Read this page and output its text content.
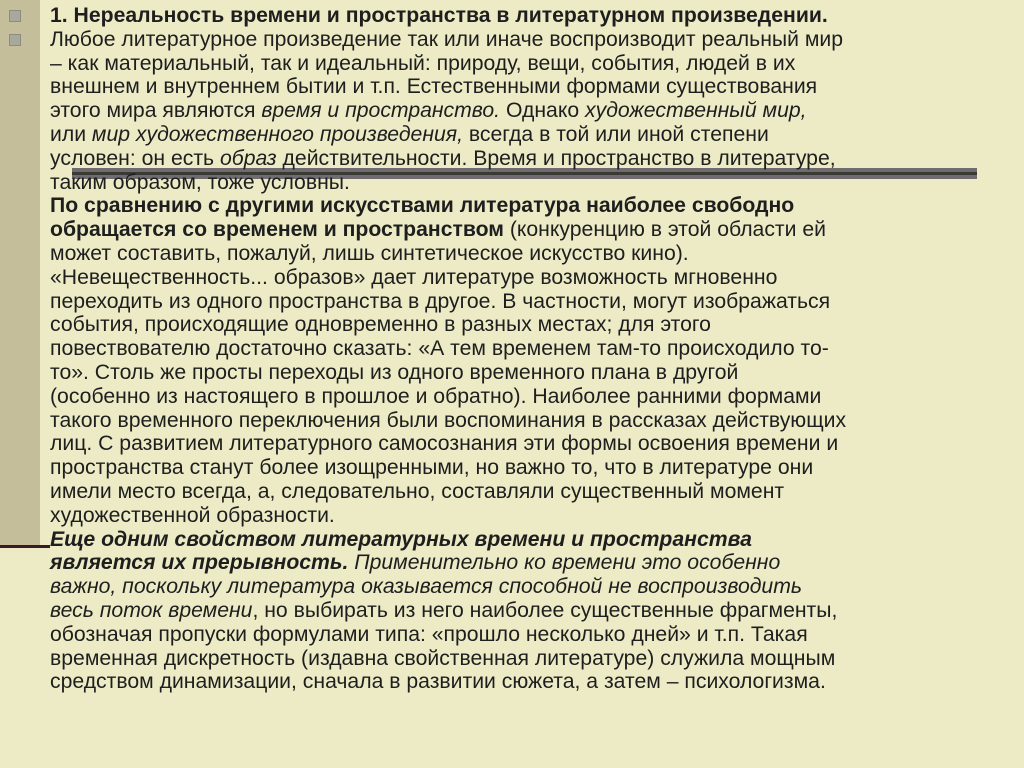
1. Нереальность времени и пространства в литературном произведении.
Любое литературное произведение так или иначе воспроизводит реальный мир
– как материальный, так и идеальный: природу, вещи, события, людей в их
внешнем и внутреннем бытии и т.п. Естественными формами существования
этого мира являются время и пространство. Однако художественный мир,
или мир художественного произведения, всегда в той или иной степени
условен: он есть образ действительности. Время и пространство в литературе,
таким образом, тоже условны.
По сравнению с другими искусствами литература наиболее свободно
обращается со временем и пространством (конкуренцию в этой области ей
может составить, пожалуй, лишь синтетическое искусство кино).
«Невещественность... образов» дает литературе возможность мгновенно
переходить из одного пространства в другое. В частности, могут изображаться
события, происходящие одновременно в разных местах; для этого
повествователю достаточно сказать: «А тем временем там-то происходило то-
то». Столь же просты переходы из одного временного плана в другой
(особенно из настоящего в прошлое и обратно). Наиболее ранними формами
такого временного переключения были воспоминания в рассказах действующих
лиц. С развитием литературного самосознания эти формы освоения времени и
пространства станут более изощренными, но важно то, что в литературе они
имели место всегда, а, следовательно, составляли существенный момент
художественной образности.
Еще одним свойством литературных времени и пространства
является их прерывность. Применительно ко времени это особенно
важно, поскольку литература оказывается способной не воспроизводить
весь поток времени, но выбирать из него наиболее существенные фрагменты,
обозначая пропуски формулами типа: «прошло несколько дней» и т.п. Такая
временная дискретность (издавна свойственная литературе) служила мощным
средством динамизации, сначала в развитии сюжета, а затем – психологизма.
